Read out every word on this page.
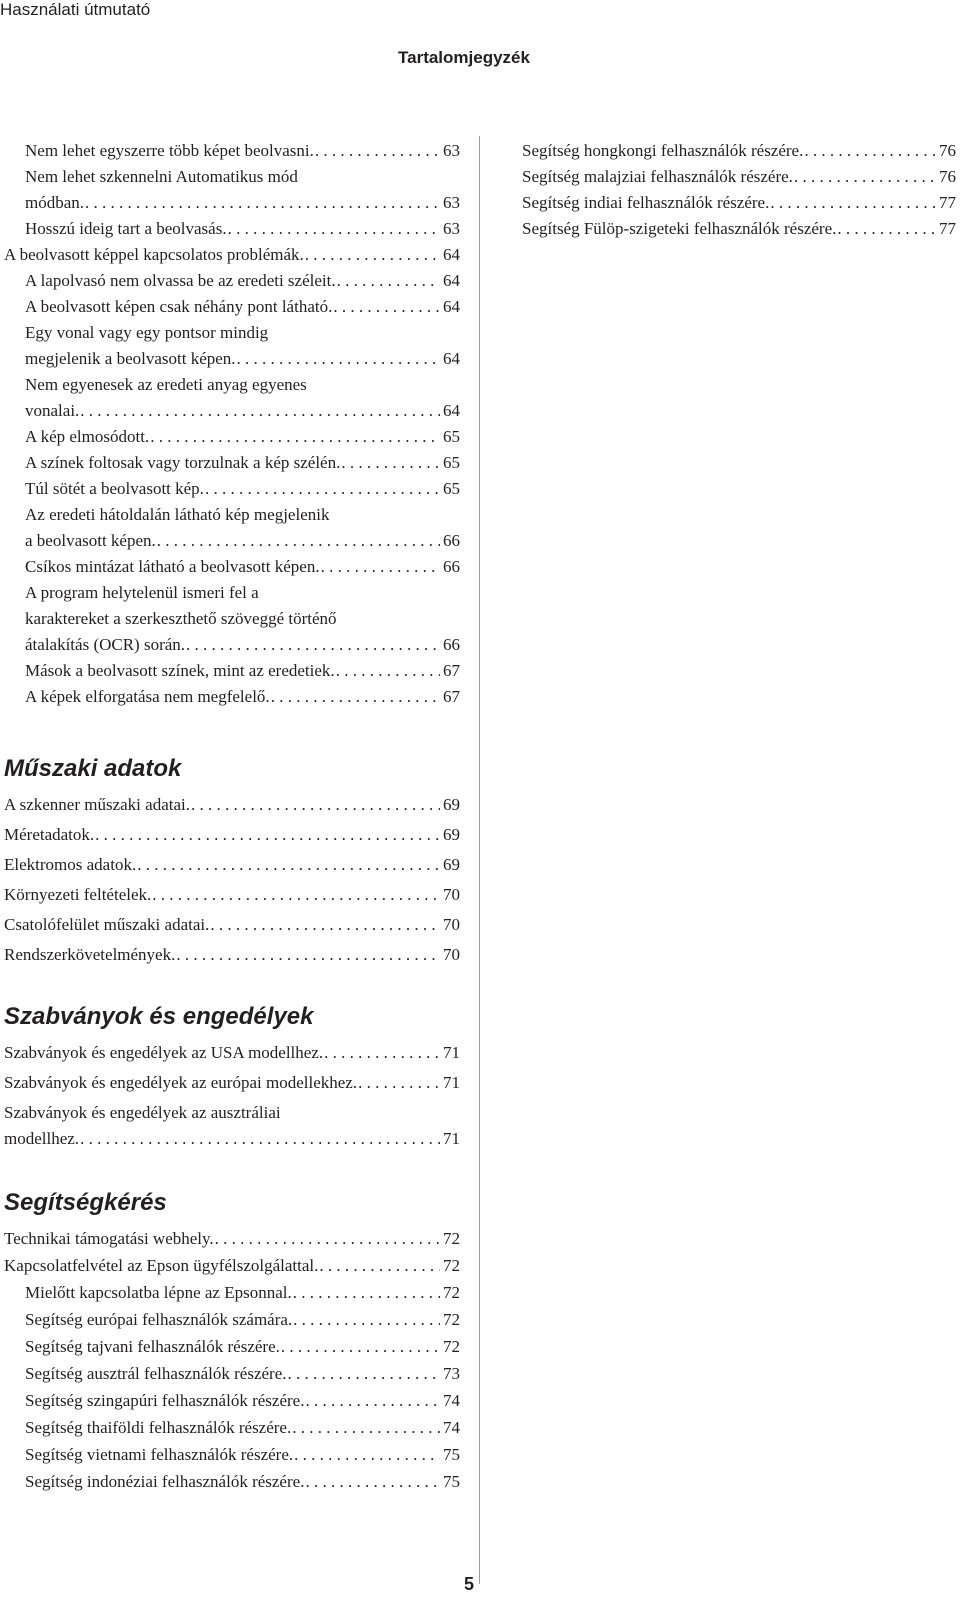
Használati útmutató
Tartalomjegyzék
Nem lehet egyszerre több képet beolvasni. . . .	63
Nem lehet szkennelni Automatikus mód
módban. . . .	63
Hosszú ideig tart a beolvasás. . . .	63
A beolvasott képpel kapcsolatos problémák. . . .	64
A lapolvasó nem olvassa be az eredeti széleit. . . .	64
A beolvasott képen csak néhány pont látható. . . .	64
Egy vonal vagy egy pontsor mindig
megjelenik a beolvasott képen. . . .	64
Nem egyenesek az eredeti anyag egyenes
vonalai. . . .	64
A kép elmosódott. . . .	65
A színek foltosak vagy torzulnak a kép szélén. . . .	65
Túl sötét a beolvasott kép. . . .	65
Az eredeti hátoldalán látható kép megjelenik
a beolvasott képen. . . .	66
Csíkos mintázat látható a beolvasott képen. . . .	66
A program helytelenül ismeri fel a
karaktereket a szerkeszthető szöveggé történő
átalakítás (OCR) során. . . .	66
Mások a beolvasott színek, mint az eredetiek. . . .	67
A képek elforgatása nem megfelelő. . . .	67
Műszaki adatok
A szkenner műszaki adatai. . . .	69
Méretadatok. . . .	69
Elektromos adatok. . . .	69
Környezeti feltételek. . . .	70
Csatolófelület műszaki adatai. . . .	70
Rendszerkövetelmények. . . .	70
Szabványok és engedélyek
Szabványok és engedélyek az USA modellhez. . . .	71
Szabványok és engedélyek az európai modellekhez. . . .	71
Szabványok és engedélyek az ausztráliai
modellhez. . . .	71
Segítségkérés
Technikai támogatási webhely. . . .	72
Kapcsolatfelvétel az Epson ügyfélszolgálattal. . . .	72
Mielőtt kapcsolatba lépne az Epsonnal. . . .	72
Segítség európai felhasználók számára. . . .	72
Segítség tajvani felhasználók részére. . . .	72
Segítség ausztrál felhasználók részére. . . .	73
Segítség szingapúri felhasználók részére. . . .	74
Segítség thaiföldi felhasználók részére. . . .	74
Segítség vietnami felhasználók részére. . . .	75
Segítség indonéziai felhasználók részére. . . .	75
Segítség hongkongi felhasználók részére. . . .	76
Segítség malajziai felhasználók részére. . . .	76
Segítség indiai felhasználók részére. . . .	77
Segítség Fülöp-szigeteki felhasználók részére. . . .	77
5
